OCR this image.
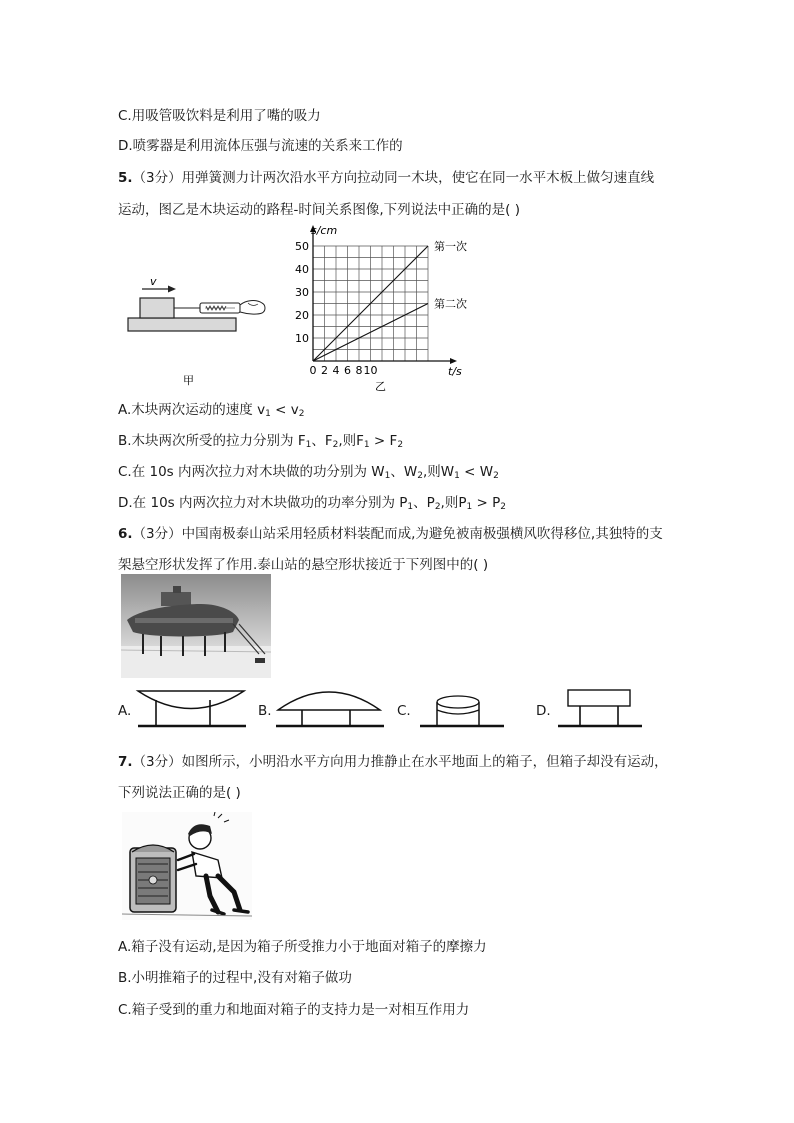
C.用吸管吸饮料是利用了嘴的吸力
D.喷雾器是利用流体压强与流速的关系来工作的
5.（3分）用弹簧测力计两次沿水平方向拉动同一木块，使它在同一水平木板上做匀速直线
运动，图乙是木块运动的路程-时间关系图像,下列说法中正确的是( )
v
甲
10
20
30
40
50
0 2 4 6 8 10
s/cm
t/s
第一次
第二次
乙
A.木块两次运动的速度 $v_1 < v_2$
B.木块两次所受的拉力分别为 $F_1$、$F_2$,则$F_1 > F_2$
C.在 10s 内两次拉力对木块做的功分别为 $W_1$、$W_2$,则$W_1 < W_2$
D.在 10s 内两次拉力对木块做功的功率分别为 $P_1$、$P_2$,则$P_1 > P_2$
6.（3分）中国南极泰山站采用轻质材料装配而成,为避免被南极强横风吹得移位,其独特的支
架悬空形状发挥了作用.泰山站的悬空形状接近于下列图中的( )
A.	B.	C.	D.
7.（3分）如图所示，小明沿水平方向用力推静止在水平地面上的箱子，但箱子却没有运动，
下列说法正确的是( )
A.箱子没有运动,是因为箱子所受推力小于地面对箱子的摩擦力
B.小明推箱子的过程中,没有对箱子做功
C.箱子受到的重力和地面对箱子的支持力是一对相互作用力
